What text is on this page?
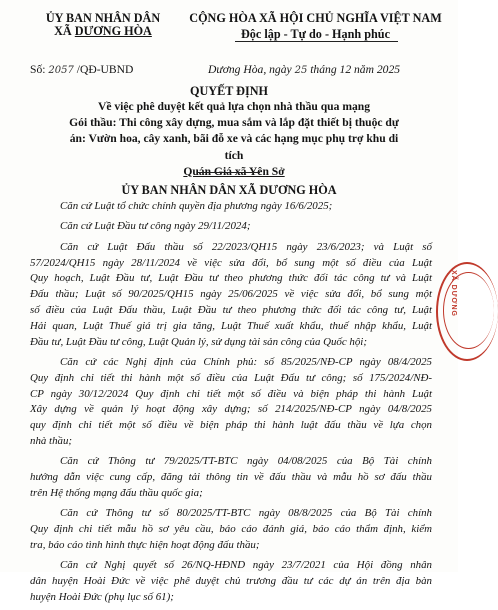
ỦY BAN NHÂN DÂN
XÃ DƯƠNG HÒA
CỘNG HÒA XÃ HỘI CHỦ NGHĨA VIỆT NAM
Độc lập - Tự do - Hạnh phúc
Số: 2057 /QĐ-UBND	Dương Hòa, ngày 25 tháng 12 năm 2025
QUYẾT ĐỊNH
Về việc phê duyệt kết quả lựa chọn nhà thầu qua mạng
Gói thầu: Thi công xây dựng, mua sắm và lắp đặt thiết bị thuộc dự
án: Vườn hoa, cây xanh, bãi đỗ xe và các hạng mục phụ trợ khu di
tích
Quán Giá xã Yên Sở
ỦY BAN NHÂN DÂN XÃ DƯƠNG HÒA
Căn cứ Luật tổ chức chính quyền địa phương ngày 16/6/2025;
Căn cứ Luật Đầu tư công ngày 29/11/2024;
Căn cứ Luật Đấu thầu số 22/2023/QH15 ngày 23/6/2023; và Luật số
57/2024/QH15 ngày 28/11/2024 về việc sửa đổi, bổ sung một số điều của Luật
Quy hoạch, Luật Đầu tư, Luật Đầu tư theo phương thức đối tác công tư và Luật
Đấu thầu; Luật số 90/2025/QH15 ngày 25/06/2025 về việc sửa đổi, bổ sung một
số điều của Luật Đấu thầu, Luật Đầu tư theo phương thức đối tác công tư, Luật
Hải quan, Luật Thuế giá trị gia tăng, Luật Thuế xuất khẩu, thuế nhập khẩu, Luật
Đầu tư, Luật Đầu tư công, Luật Quản lý, sử dụng tài sản công của Quốc hội;
Căn cứ các Nghị định của Chính phủ: số 85/2025/NĐ-CP ngày 08/4/2025
Quy định chi tiết thi hành một số điều của Luật Đấu tư công; số 175/2024/NĐ-
CP ngày 30/12/2024 Quy định chi tiết một số điều và biện pháp thi hành Luật
Xây dựng về quản lý hoạt động xây dựng; số 214/2025/NĐ-CP ngày 04/8/2025
quy định chi tiết một số điều về biện pháp thi hành luật đấu thầu về lựa chọn
nhà thầu;
Căn cứ Thông tư 79/2025/TT-BTC ngày 04/08/2025 của Bộ Tài chính
hướng dẫn việc cung cấp, đăng tải thông tin về đấu thầu và mẫu hồ sơ đấu thầu
trên Hệ thống mạng đấu thầu quốc gia;
Căn cứ Thông tư số 80/2025/TT-BTC ngày 08/8/2025 của Bộ Tài chính
Quy định chi tiết mẫu hồ sơ yêu cầu, báo cáo đánh giá, báo cáo thẩm định, kiểm
tra, báo cáo tình hình thực hiện hoạt động đấu thầu;
Căn cứ Nghị quyết số 26/NQ-HĐND ngày 23/7/2021 của Hội đồng nhân
dân huyện Hoài Đức về việc phê duyệt chủ trương đầu tư các dự án trên địa bàn
huyện Hoài Đức (phụ lục số 61);
XÃ DƯƠNG
